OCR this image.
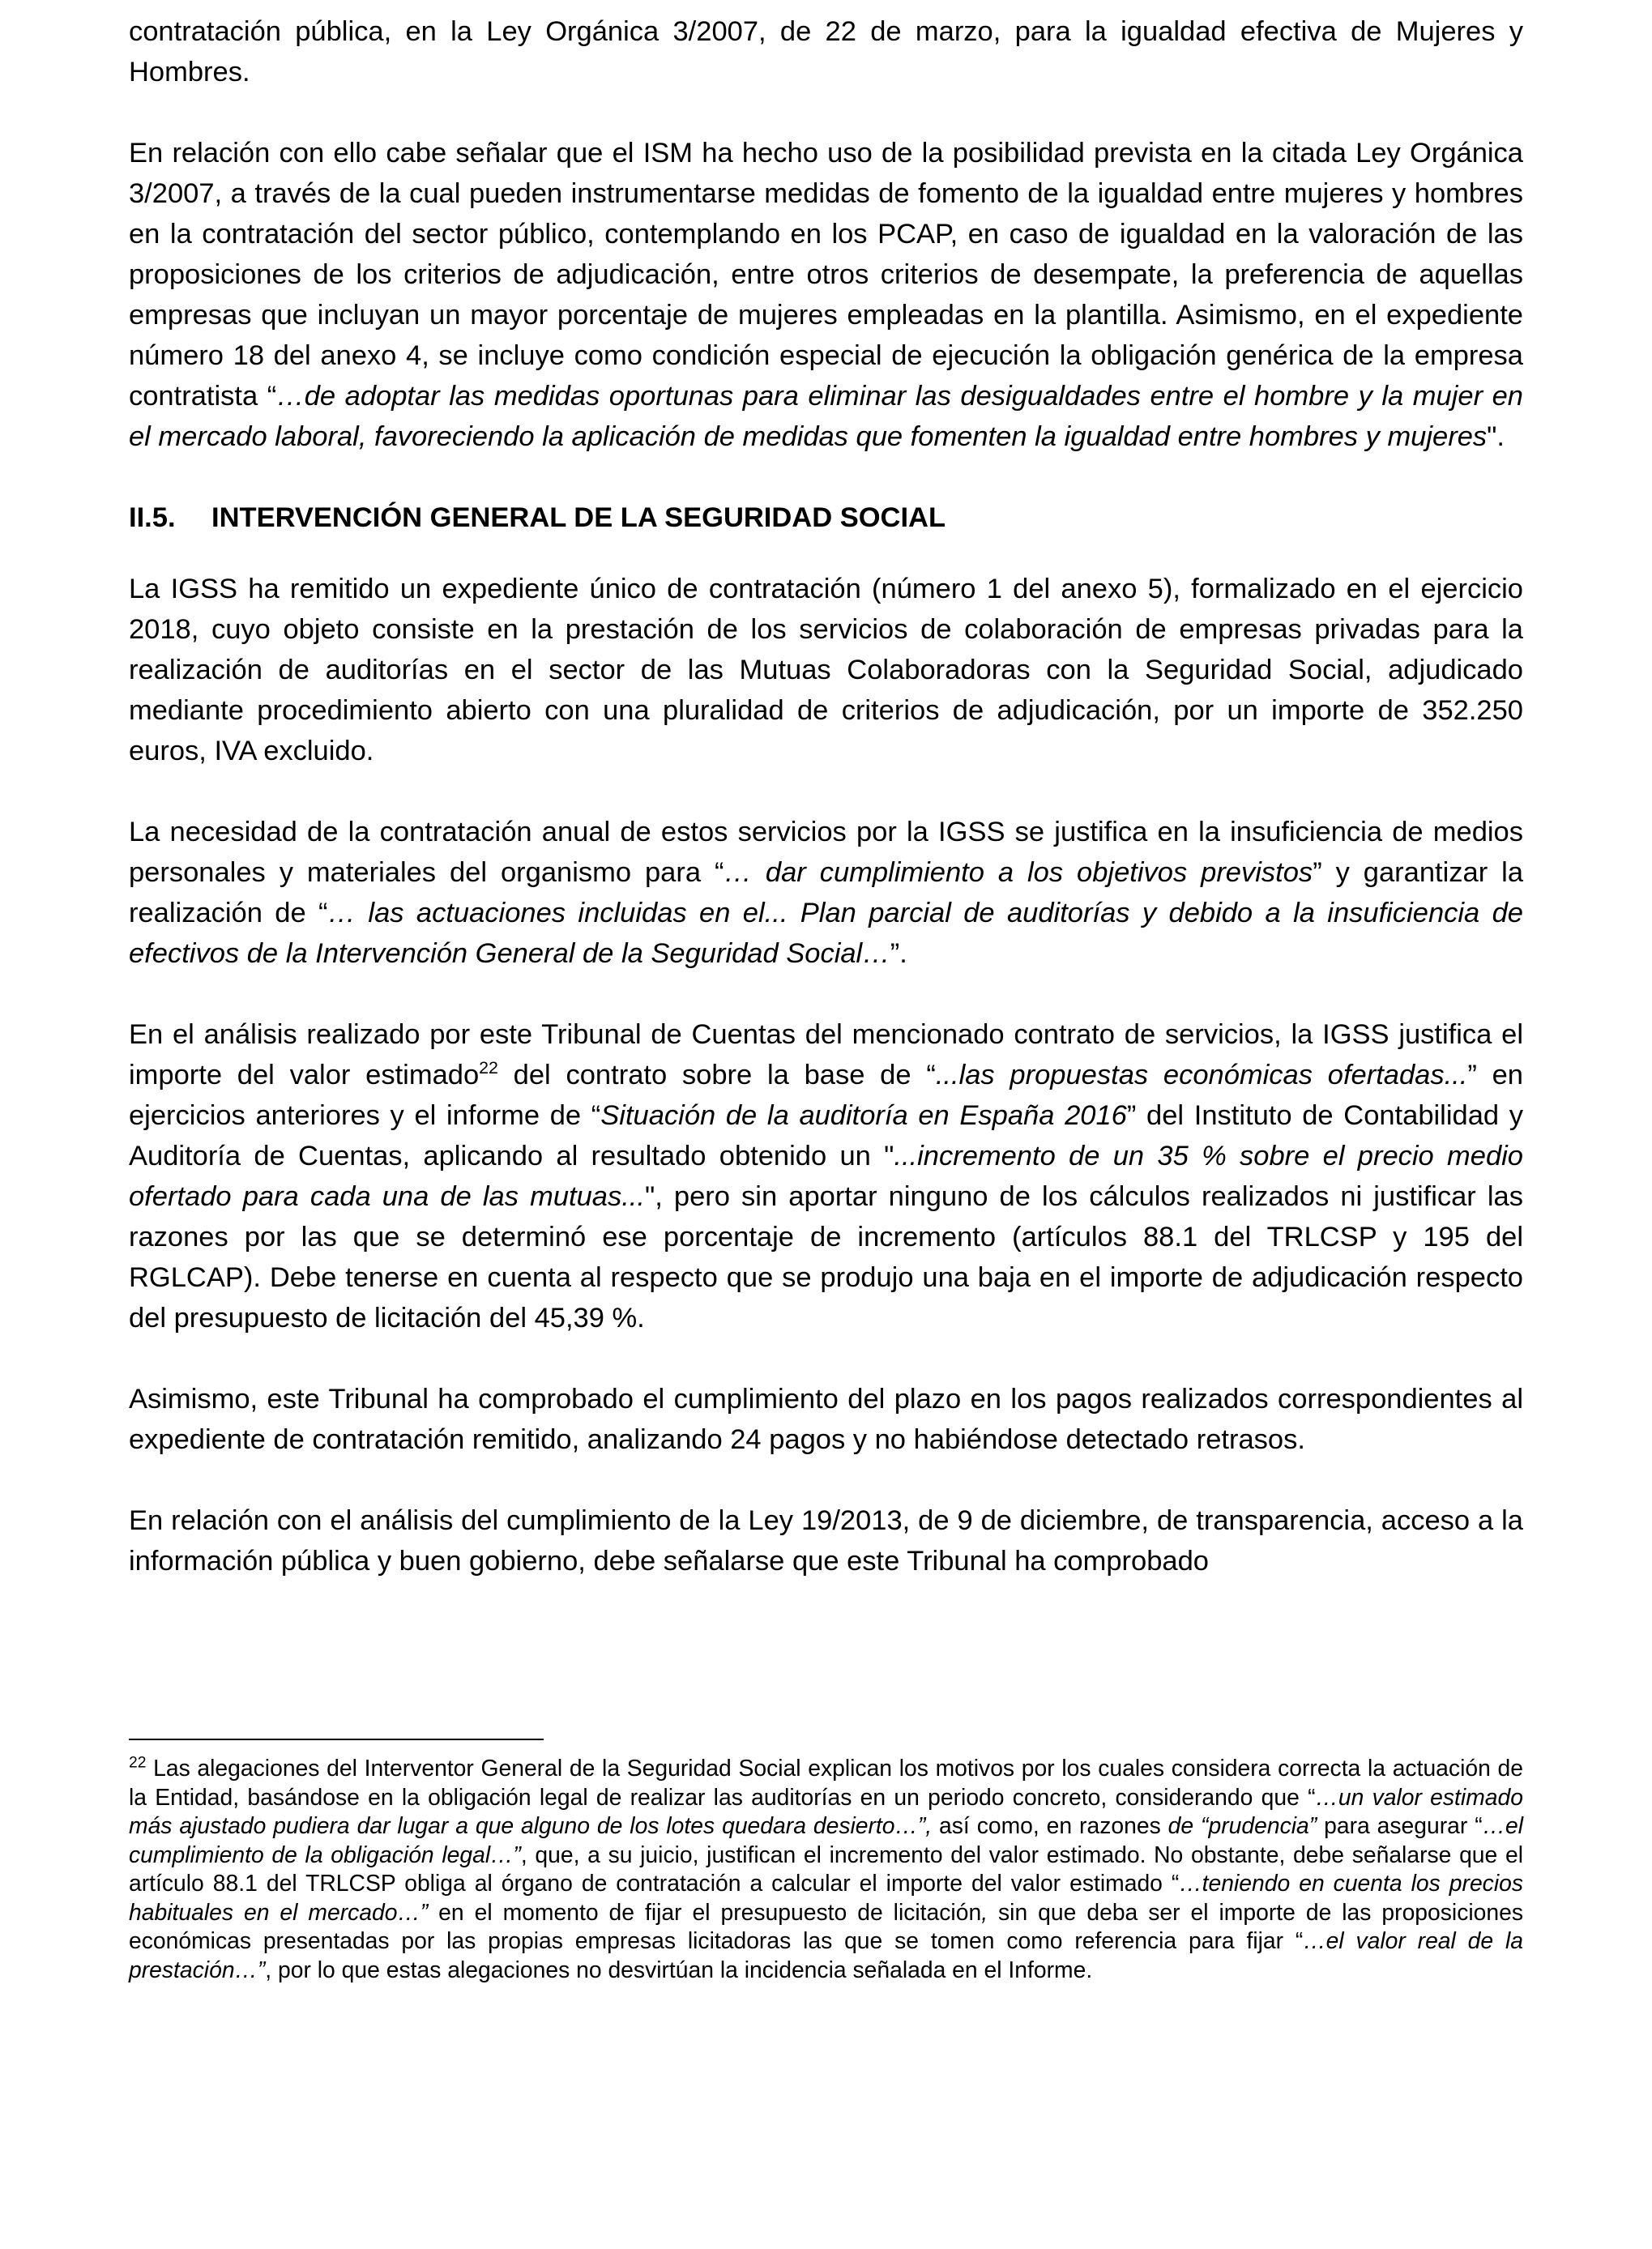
contratación pública, en la Ley Orgánica 3/2007, de 22 de marzo, para la igualdad efectiva de Mujeres y Hombres.

En relación con ello cabe señalar que el ISM ha hecho uso de la posibilidad prevista en la citada Ley Orgánica 3/2007, a través de la cual pueden instrumentarse medidas de fomento de la igualdad entre mujeres y hombres en la contratación del sector público, contemplando en los PCAP, en caso de igualdad en la valoración de las proposiciones de los criterios de adjudicación, entre otros criterios de desempate, la preferencia de aquellas empresas que incluyan un mayor porcentaje de mujeres empleadas en la plantilla. Asimismo, en el expediente número 18 del anexo 4, se incluye como condición especial de ejecución la obligación genérica de la empresa contratista “…de adoptar las medidas oportunas para eliminar las desigualdades entre el hombre y la mujer en el mercado laboral, favoreciendo la aplicación de medidas que fomenten la igualdad entre hombres y mujeres".

II.5. INTERVENCIÓN GENERAL DE LA SEGURIDAD SOCIAL

La IGSS ha remitido un expediente único de contratación (número 1 del anexo 5), formalizado en el ejercicio 2018, cuyo objeto consiste en la prestación de los servicios de colaboración de empresas privadas para la realización de auditorías en el sector de las Mutuas Colaboradoras con la Seguridad Social, adjudicado mediante procedimiento abierto con una pluralidad de criterios de adjudicación, por un importe de 352.250 euros, IVA excluido.

La necesidad de la contratación anual de estos servicios por la IGSS se justifica en la insuficiencia de medios personales y materiales del organismo para “… dar cumplimiento a los objetivos previstos” y garantizar la realización de “… las actuaciones incluidas en el... Plan parcial de auditorías y debido a la insuficiencia de efectivos de la Intervención General de la Seguridad Social…”.

En el análisis realizado por este Tribunal de Cuentas del mencionado contrato de servicios, la IGSS justifica el importe del valor estimado$^{22}$ del contrato sobre la base de “...las propuestas económicas ofertadas...” en ejercicios anteriores y el informe de “Situación de la auditoría en España 2016” del Instituto de Contabilidad y Auditoría de Cuentas, aplicando al resultado obtenido un "...incremento de un 35 % sobre el precio medio ofertado para cada una de las mutuas...", pero sin aportar ninguno de los cálculos realizados ni justificar las razones por las que se determinó ese porcentaje de incremento (artículos 88.1 del TRLCSP y 195 del RGLCAP). Debe tenerse en cuenta al respecto que se produjo una baja en el importe de adjudicación respecto del presupuesto de licitación del 45,39 %.

Asimismo, este Tribunal ha comprobado el cumplimiento del plazo en los pagos realizados correspondientes al expediente de contratación remitido, analizando 24 pagos y no habiéndose detectado retrasos.

En relación con el análisis del cumplimiento de la Ley 19/2013, de 9 de diciembre, de transparencia, acceso a la información pública y buen gobierno, debe señalarse que este Tribunal ha comprobado

$^{22}$ Las alegaciones del Interventor General de la Seguridad Social explican los motivos por los cuales considera correcta la actuación de la Entidad, basándose en la obligación legal de realizar las auditorías en un periodo concreto, considerando que “…un valor estimado más ajustado pudiera dar lugar a que alguno de los lotes quedara desierto…”, así como, en razones de “prudencia” para asegurar “…el cumplimiento de la obligación legal…”, que, a su juicio, justifican el incremento del valor estimado. No obstante, debe señalarse que el artículo 88.1 del TRLCSP obliga al órgano de contratación a calcular el importe del valor estimado “…teniendo en cuenta los precios habituales en el mercado…” en el momento de fijar el presupuesto de licitación, sin que deba ser el importe de las proposiciones económicas presentadas por las propias empresas licitadoras las que se tomen como referencia para fijar “…el valor real de la prestación…”, por lo que estas alegaciones no desvirtúan la incidencia señalada en el Informe.
